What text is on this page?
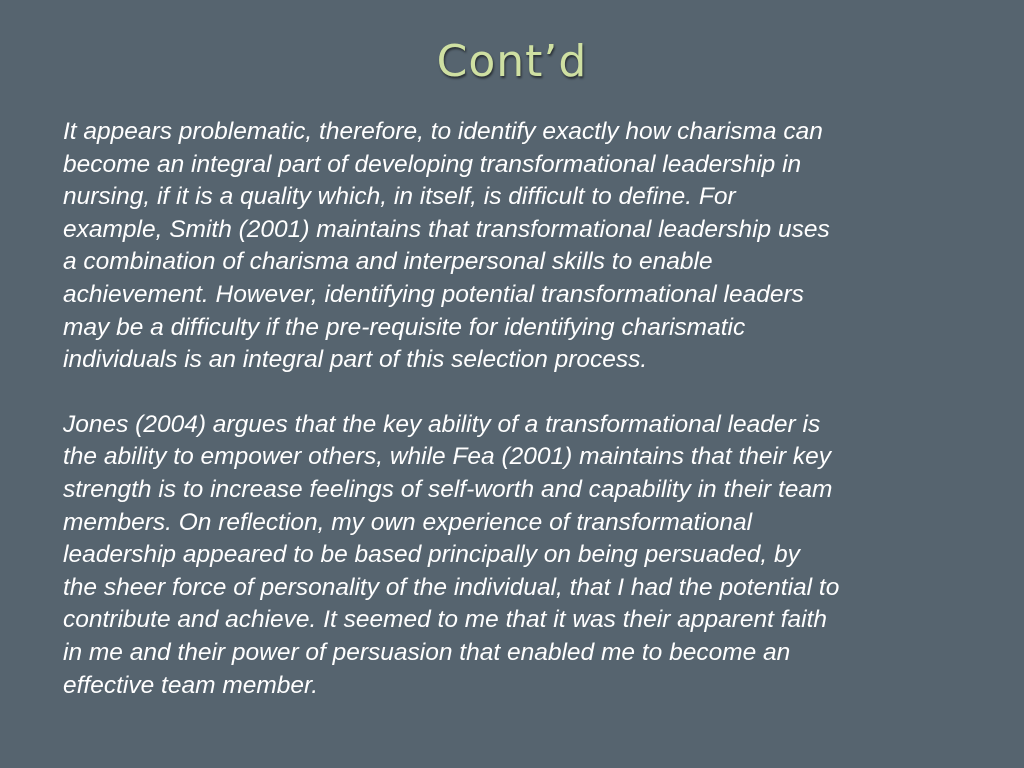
Cont’d

It appears problematic, therefore, to identify exactly how charisma can
become an integral part of developing transformational leadership in
nursing, if it is a quality which, in itself, is difficult to define. For
example, Smith (2001) maintains that transformational leadership uses
a combination of charisma and interpersonal skills to enable
achievement. However, identifying potential transformational leaders
may be a difficulty if the pre-requisite for identifying charismatic
individuals is an integral part of this selection process.

Jones (2004) argues that the key ability of a transformational leader is
the ability to empower others, while Fea (2001) maintains that their key
strength is to increase feelings of self-worth and capability in their team
members. On reflection, my own experience of transformational
leadership appeared to be based principally on being persuaded, by
the sheer force of personality of the individual, that I had the potential to
contribute and achieve. It seemed to me that it was their apparent faith
in me and their power of persuasion that enabled me to become an
effective team member.
